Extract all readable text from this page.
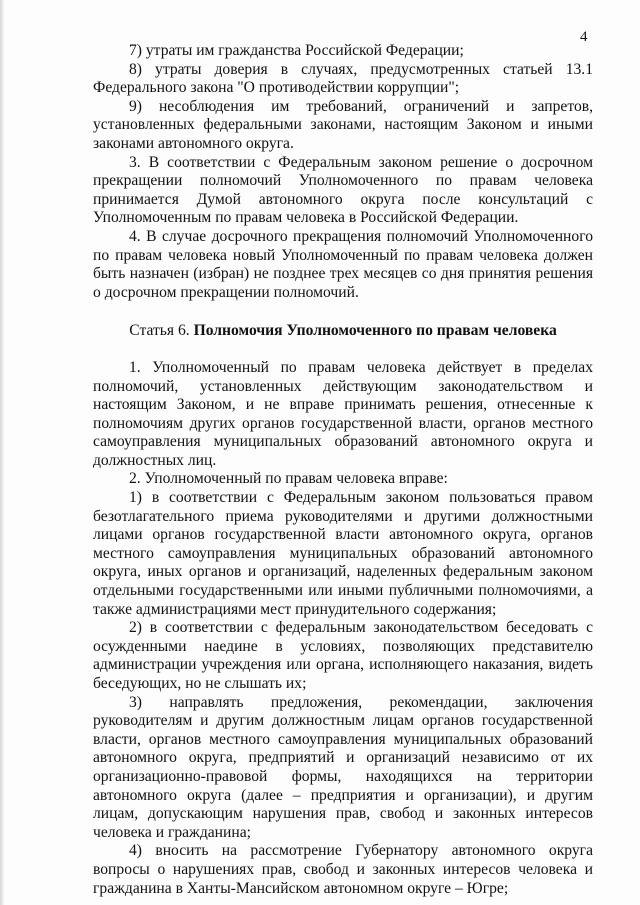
4

7) утраты им гражданства Российской Федерации;

8) утраты доверия в случаях, предусмотренных статьей 13.1 Федерального закона "О противодействии коррупции";

9) несоблюдения им требований, ограничений и запретов, установленных федеральными законами, настоящим Законом и иными законами автономного округа.

3. В соответствии с Федеральным законом решение о досрочном прекращении полномочий Уполномоченного по правам человека принимается Думой автономного округа после консультаций с Уполномоченным по правам человека в Российской Федерации.

4. В случае досрочного прекращения полномочий Уполномоченного по правам человека новый Уполномоченный по правам человека должен быть назначен (избран) не позднее трех месяцев со дня принятия решения о досрочном прекращении полномочий.

Статья 6. Полномочия Уполномоченного по правам человека

1. Уполномоченный по правам человека действует в пределах полномочий, установленных действующим законодательством и настоящим Законом, и не вправе принимать решения, отнесенные к полномочиям других органов государственной власти, органов местного самоуправления муниципальных образований автономного округа и должностных лиц.

2. Уполномоченный по правам человека вправе:

1) в соответствии с Федеральным законом пользоваться правом безотлагательного приема руководителями и другими должностными лицами органов государственной власти автономного округа, органов местного самоуправления муниципальных образований автономного округа, иных органов и организаций, наделенных федеральным законом отдельными государственными или иными публичными полномочиями, а также администрациями мест принудительного содержания;

2) в соответствии с федеральным законодательством беседовать с осужденными наедине в условиях, позволяющих представителю администрации учреждения или органа, исполняющего наказания, видеть беседующих, но не слышать их;

3) направлять предложения, рекомендации, заключения руководителям и другим должностным лицам органов государственной власти, органов местного самоуправления муниципальных образований автономного округа, предприятий и организаций независимо от их организационно-правовой формы, находящихся на территории автономного округа (далее – предприятия и организации), и другим лицам, допускающим нарушения прав, свобод и законных интересов человека и гражданина;

4) вносить на рассмотрение Губернатору автономного округа вопросы о нарушениях прав, свобод и законных интересов человека и гражданина в Ханты-Мансийском автономном округе – Югре;
